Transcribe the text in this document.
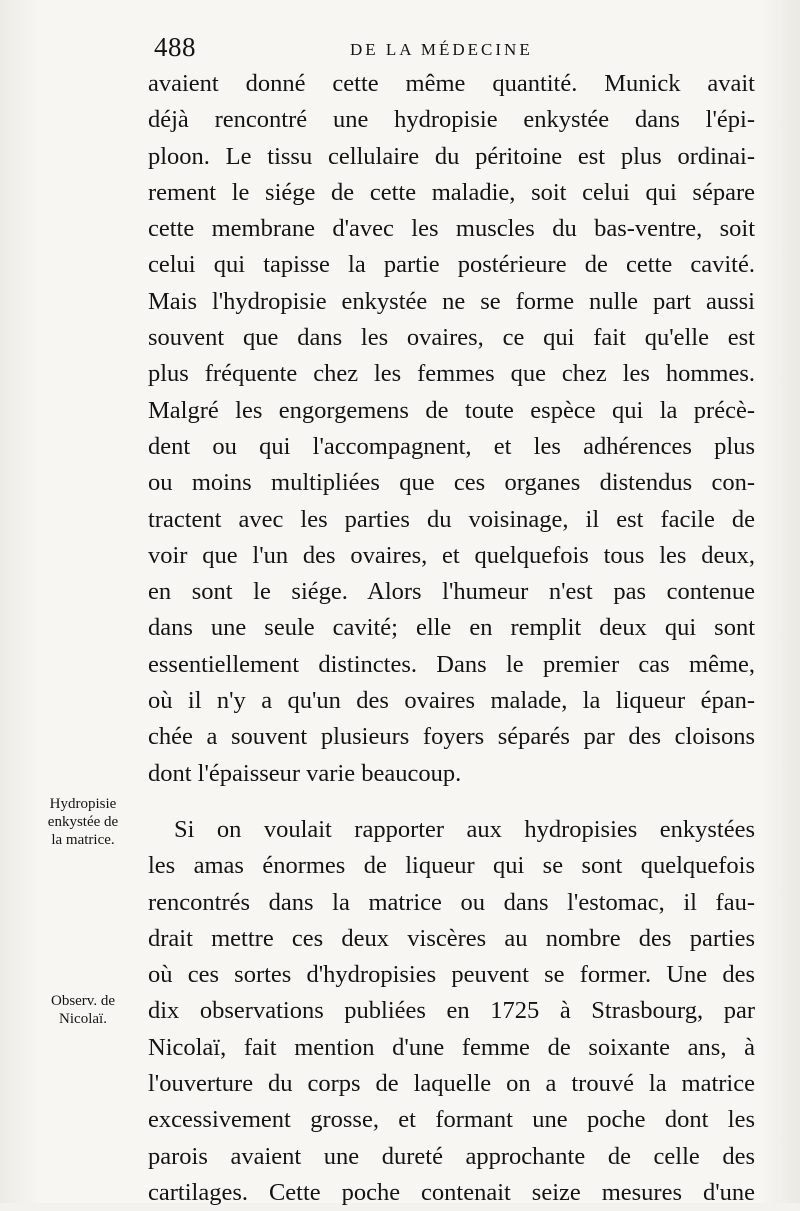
488	DE LA MÉDECINE
avaient donné cette même quantité. Munick avait
déjà rencontré une hydropisie enkystée dans l'épi-
ploon. Le tissu cellulaire du péritoine est plus ordinai-
rement le siége de cette maladie, soit celui qui sépare
cette membrane d'avec les muscles du bas-ventre, soit
celui qui tapisse la partie postérieure de cette cavité.
Mais l'hydropisie enkystée ne se forme nulle part aussi
souvent que dans les ovaires, ce qui fait qu'elle est
plus fréquente chez les femmes que chez les hommes.
Malgré les engorgemens de toute espèce qui la précè-
dent ou qui l'accompagnent, et les adhérences plus
ou moins multipliées que ces organes distendus con-
tractent avec les parties du voisinage, il est facile de
voir que l'un des ovaires, et quelquefois tous les deux,
en sont le siége. Alors l'humeur n'est pas contenue
dans une seule cavité; elle en remplit deux qui sont
essentiellement distinctes. Dans le premier cas même,
où il n'y a qu'un des ovaires malade, la liqueur épan-
chée a souvent plusieurs foyers séparés par des cloisons
dont l'épaisseur varie beaucoup.
Si on voulait rapporter aux hydropisies enkystées
les amas énormes de liqueur qui se sont quelquefois
rencontrés dans la matrice ou dans l'estomac, il fau-
drait mettre ces deux viscères au nombre des parties
où ces sortes d'hydropisies peuvent se former. Une des
dix observations publiées en 1725 à Strasbourg, par
Nicolaï, fait mention d'une femme de soixante ans, à
l'ouverture du corps de laquelle on a trouvé la matrice
excessivement grosse, et formant une poche dont les
parois avaient une dureté approchante de celle des
cartilages. Cette poche contenait seize mesures d'une
Hydropisie
enkystée de
la matrice.
Observ. de
Nicolaï.
